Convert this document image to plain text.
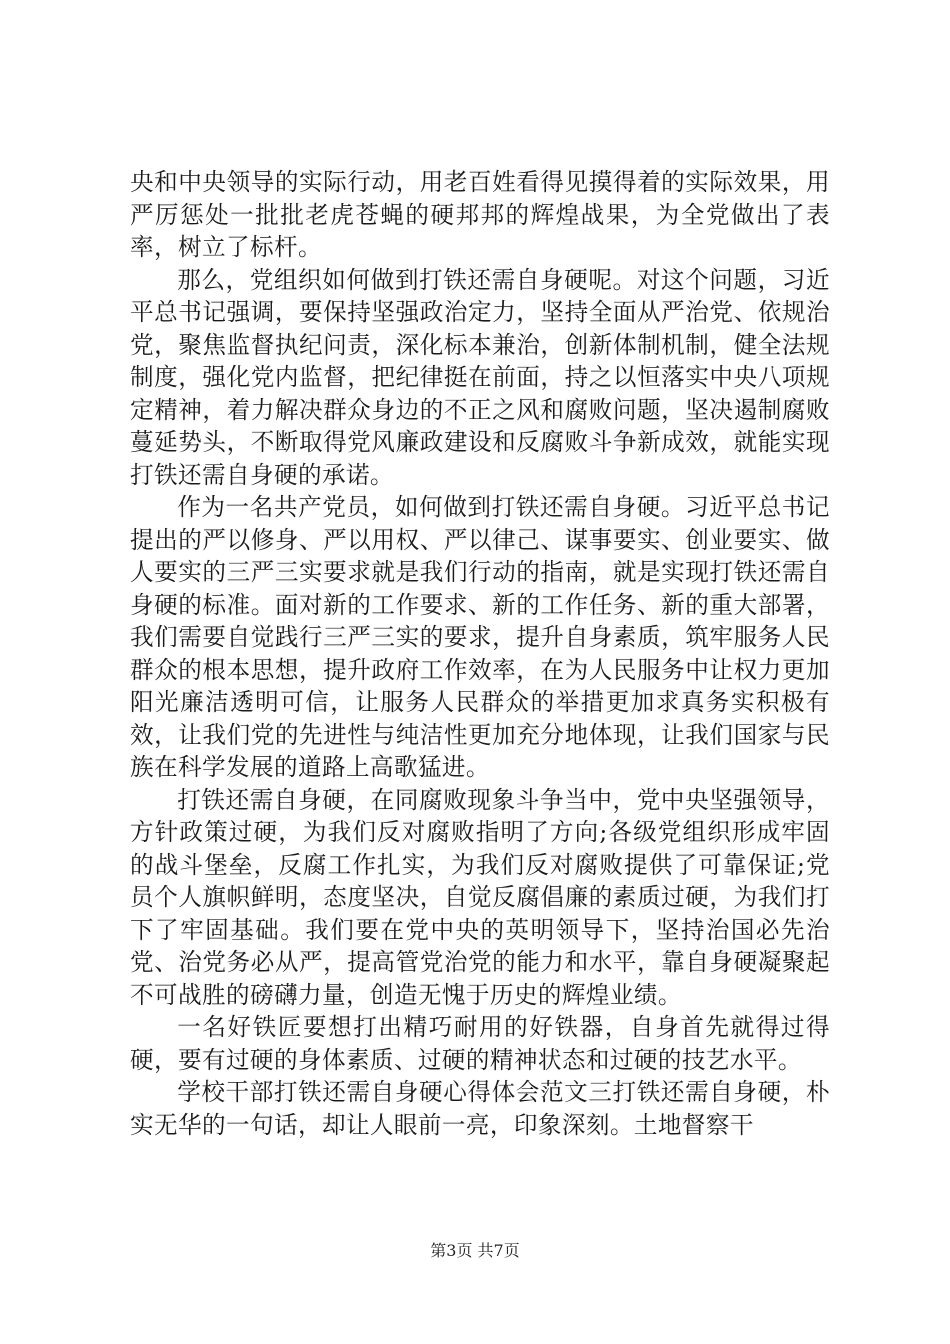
央和中央领导的实际行动，用老百姓看得见摸得着的实际效果，用严厉惩处一批批老虎苍蝇的硬邦邦的辉煌战果，为全党做出了表率，树立了标杆。

那么，党组织如何做到打铁还需自身硬呢。对这个问题，习近平总书记强调，要保持坚强政治定力，坚持全面从严治党、依规治党，聚焦监督执纪问责，深化标本兼治，创新体制机制，健全法规制度，强化党内监督，把纪律挺在前面，持之以恒落实中央八项规定精神，着力解决群众身边的不正之风和腐败问题，坚决遏制腐败蔓延势头，不断取得党风廉政建设和反腐败斗争新成效，就能实现打铁还需自身硬的承诺。

作为一名共产党员，如何做到打铁还需自身硬。习近平总书记提出的严以修身、严以用权、严以律己、谋事要实、创业要实、做人要实的三严三实要求就是我们行动的指南，就是实现打铁还需自身硬的标准。面对新的工作要求、新的工作任务、新的重大部署，我们需要自觉践行三严三实的要求，提升自身素质，筑牢服务人民群众的根本思想，提升政府工作效率，在为人民服务中让权力更加阳光廉洁透明可信，让服务人民群众的举措更加求真务实积极有效，让我们党的先进性与纯洁性更加充分地体现，让我们国家与民族在科学发展的道路上高歌猛进。

打铁还需自身硬，在同腐败现象斗争当中，党中央坚强领导，方针政策过硬，为我们反对腐败指明了方向;各级党组织形成牢固的战斗堡垒，反腐工作扎实，为我们反对腐败提供了可靠保证;党员个人旗帜鲜明，态度坚决，自觉反腐倡廉的素质过硬，为我们打下了牢固基础。我们要在党中央的英明领导下，坚持治国必先治党、治党务必从严，提高管党治党的能力和水平，靠自身硬凝聚起不可战胜的磅礴力量，创造无愧于历史的辉煌业绩。

一名好铁匠要想打出精巧耐用的好铁器，自身首先就得过得硬，要有过硬的身体素质、过硬的精神状态和过硬的技艺水平。

学校干部打铁还需自身硬心得体会范文三打铁还需自身硬，朴实无华的一句话，却让人眼前一亮，印象深刻。土地督察干

第3页 共7页
